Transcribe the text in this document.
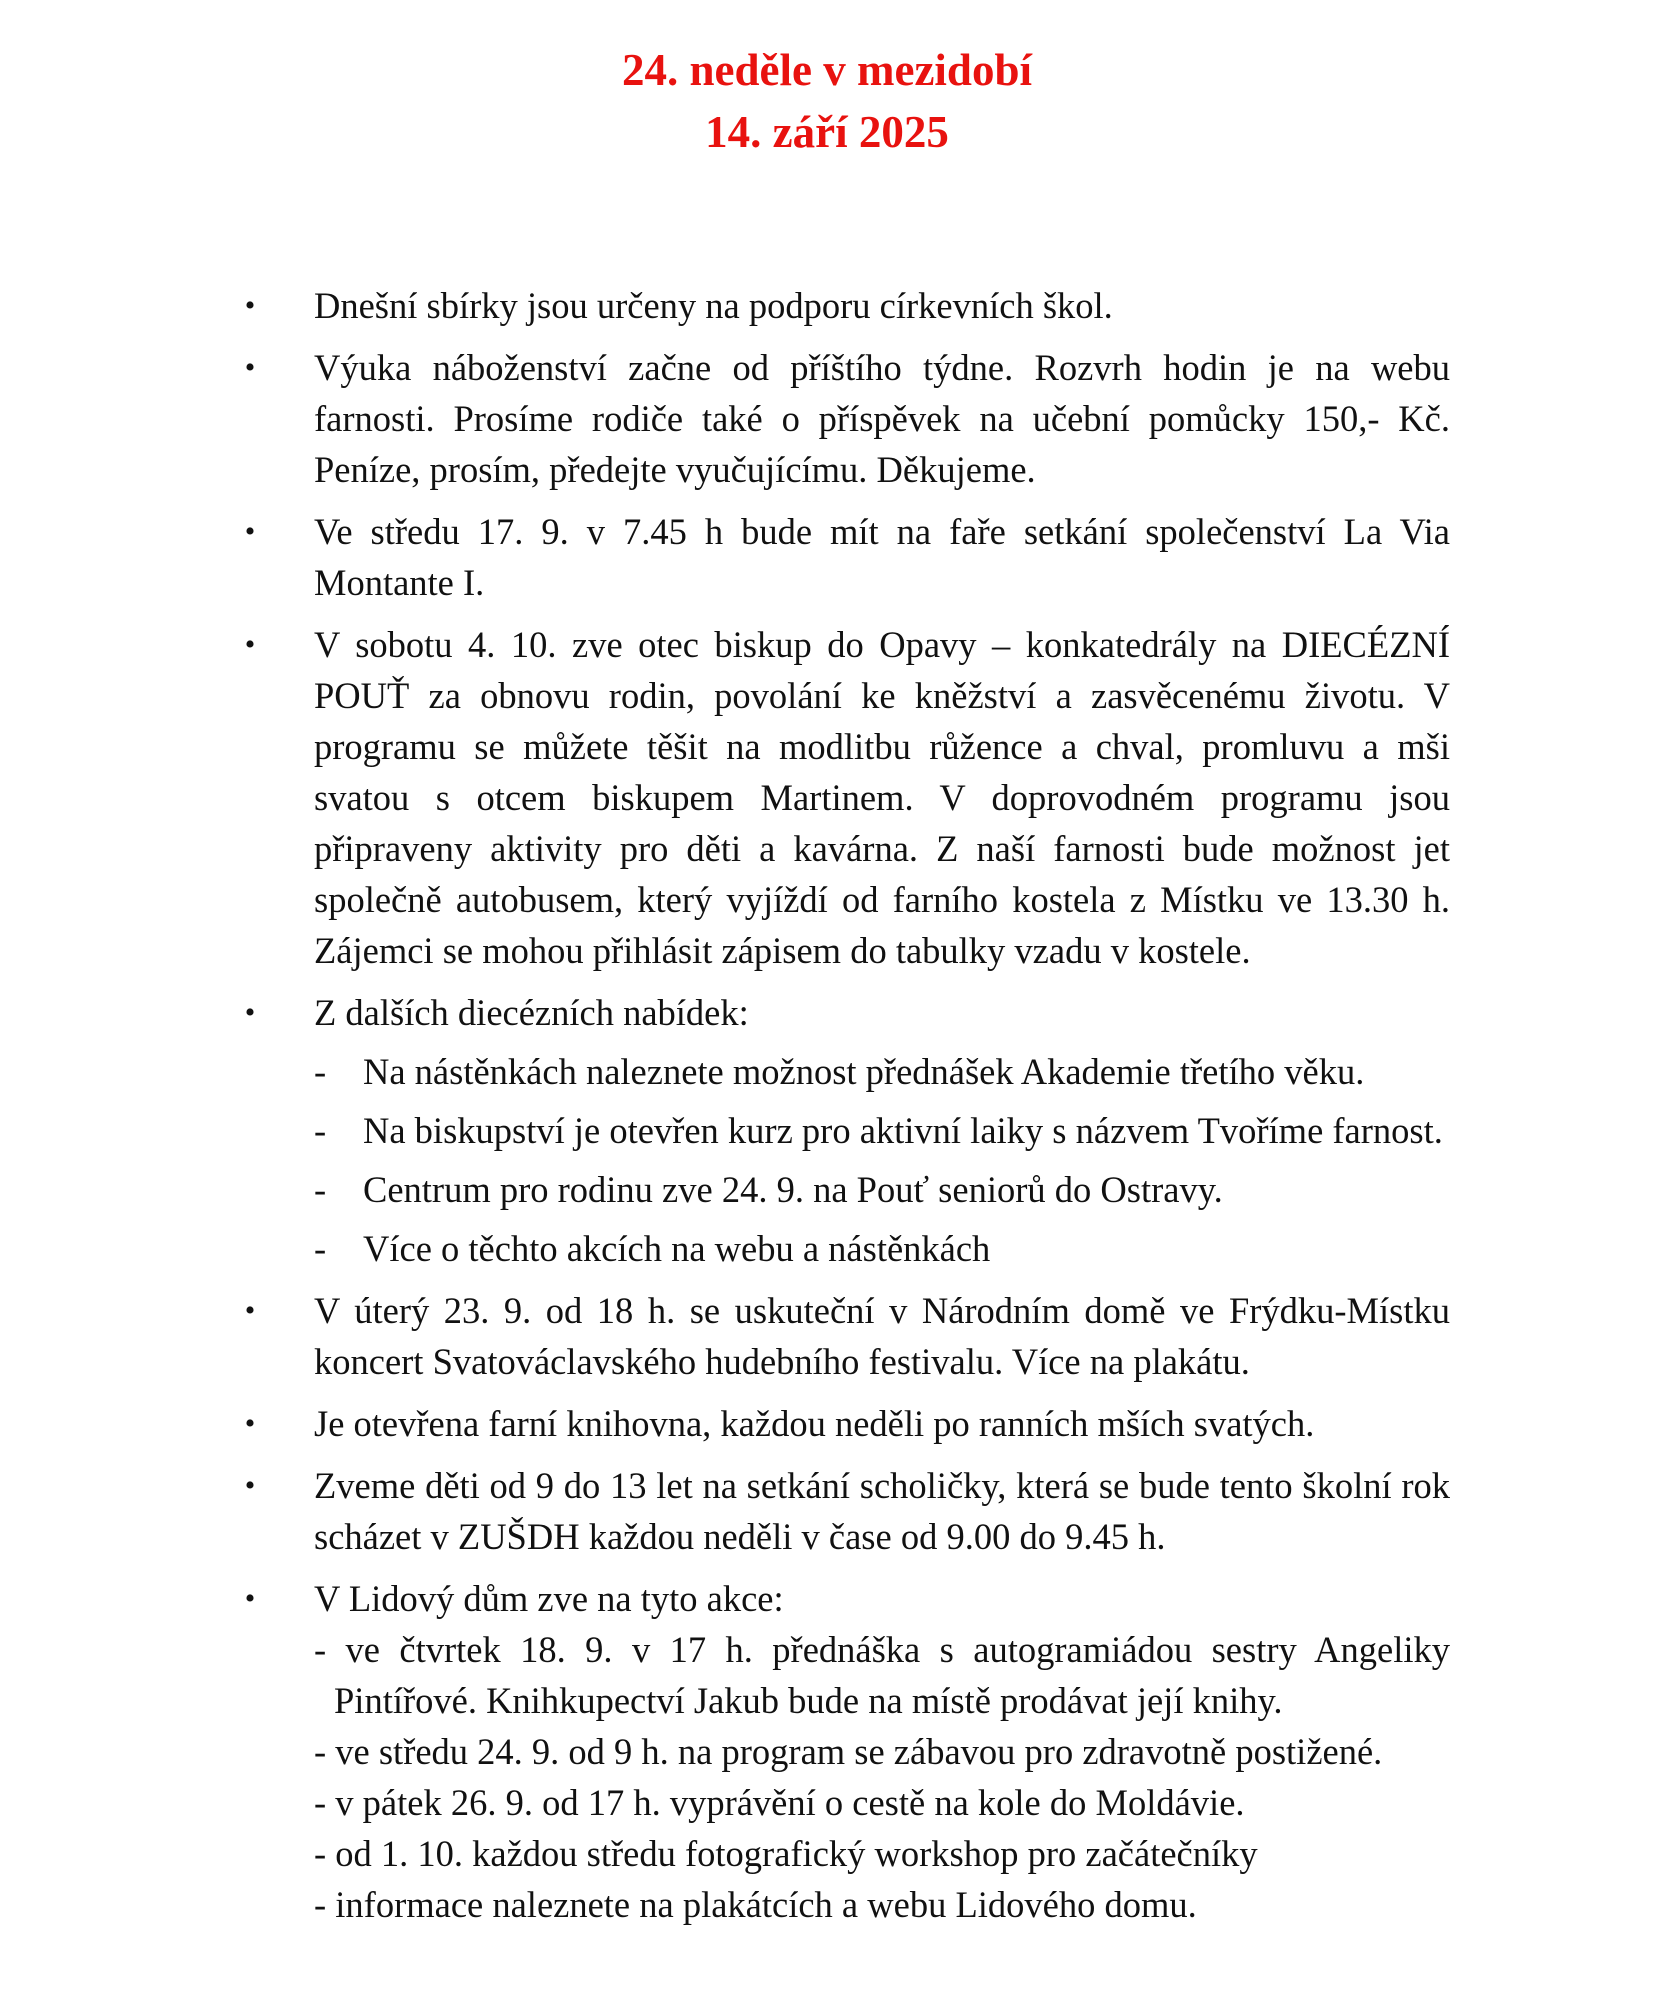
24. neděle v mezidobí
14. září 2025
•	Dnešní sbírky jsou určeny na podporu církevních škol.
•	Výuka náboženství začne od příštího týdne. Rozvrh hodin je na webu farnosti. Prosíme rodiče také o příspěvek na učební pomůcky 150,- Kč. Peníze, prosím, předejte vyučujícímu. Děkujeme.
•	Ve středu 17. 9. v 7.45 h bude mít na faře setkání společenství La Via Montante I.
•	V sobotu 4. 10. zve otec biskup do Opavy – konkatedrály na DIECÉZNÍ POUŤ za obnovu rodin, povolání ke kněžství a zasvěcenému životu. V programu se můžete těšit na modlitbu růžence a chval, promluvu a mši svatou s otcem biskupem Martinem. V doprovodném programu jsou připraveny aktivity pro děti a kavárna. Z naší farnosti bude možnost jet společně autobusem, který vyjíždí od farního kostela z Místku ve 13.30 h. Zájemci se mohou přihlásit zápisem do tabulky vzadu v kostele.
•	Z dalších diecézních nabídek:
- Na nástěnkách naleznete možnost přednášek Akademie třetího věku.
- Na biskupství je otevřen kurz pro aktivní laiky s názvem Tvoříme farnost.
- Centrum pro rodinu zve 24. 9. na Pouť seniorů do Ostravy.
- Více o těchto akcích na webu a nástěnkách
•	V úterý 23. 9. od 18 h. se uskuteční v Národním domě ve Frýdku-Místku koncert Svatováclavského hudebního festivalu. Více na plakátu.
•	Je otevřena farní knihovna, každou neděli po ranních mších svatých.
•	Zveme děti od 9 do 13 let na setkání scholičky, která se bude tento školní rok scházet v ZUŠDH každou neděli v čase od 9.00 do 9.45 h.
•	V Lidový dům zve na tyto akce:
- ve čtvrtek 18. 9. v 17 h. přednáška s autogramiádou sestry Angeliky Pintířové. Knihkupectví Jakub bude na místě prodávat její knihy.
- ve středu 24. 9. od 9 h. na program se zábavou pro zdravotně postižené.
- v pátek 26. 9. od 17 h. vyprávění o cestě na kole do Moldávie.
- od 1. 10. každou středu fotografický workshop pro začátečníky
- informace naleznete na plakátcích a webu Lidového domu.
